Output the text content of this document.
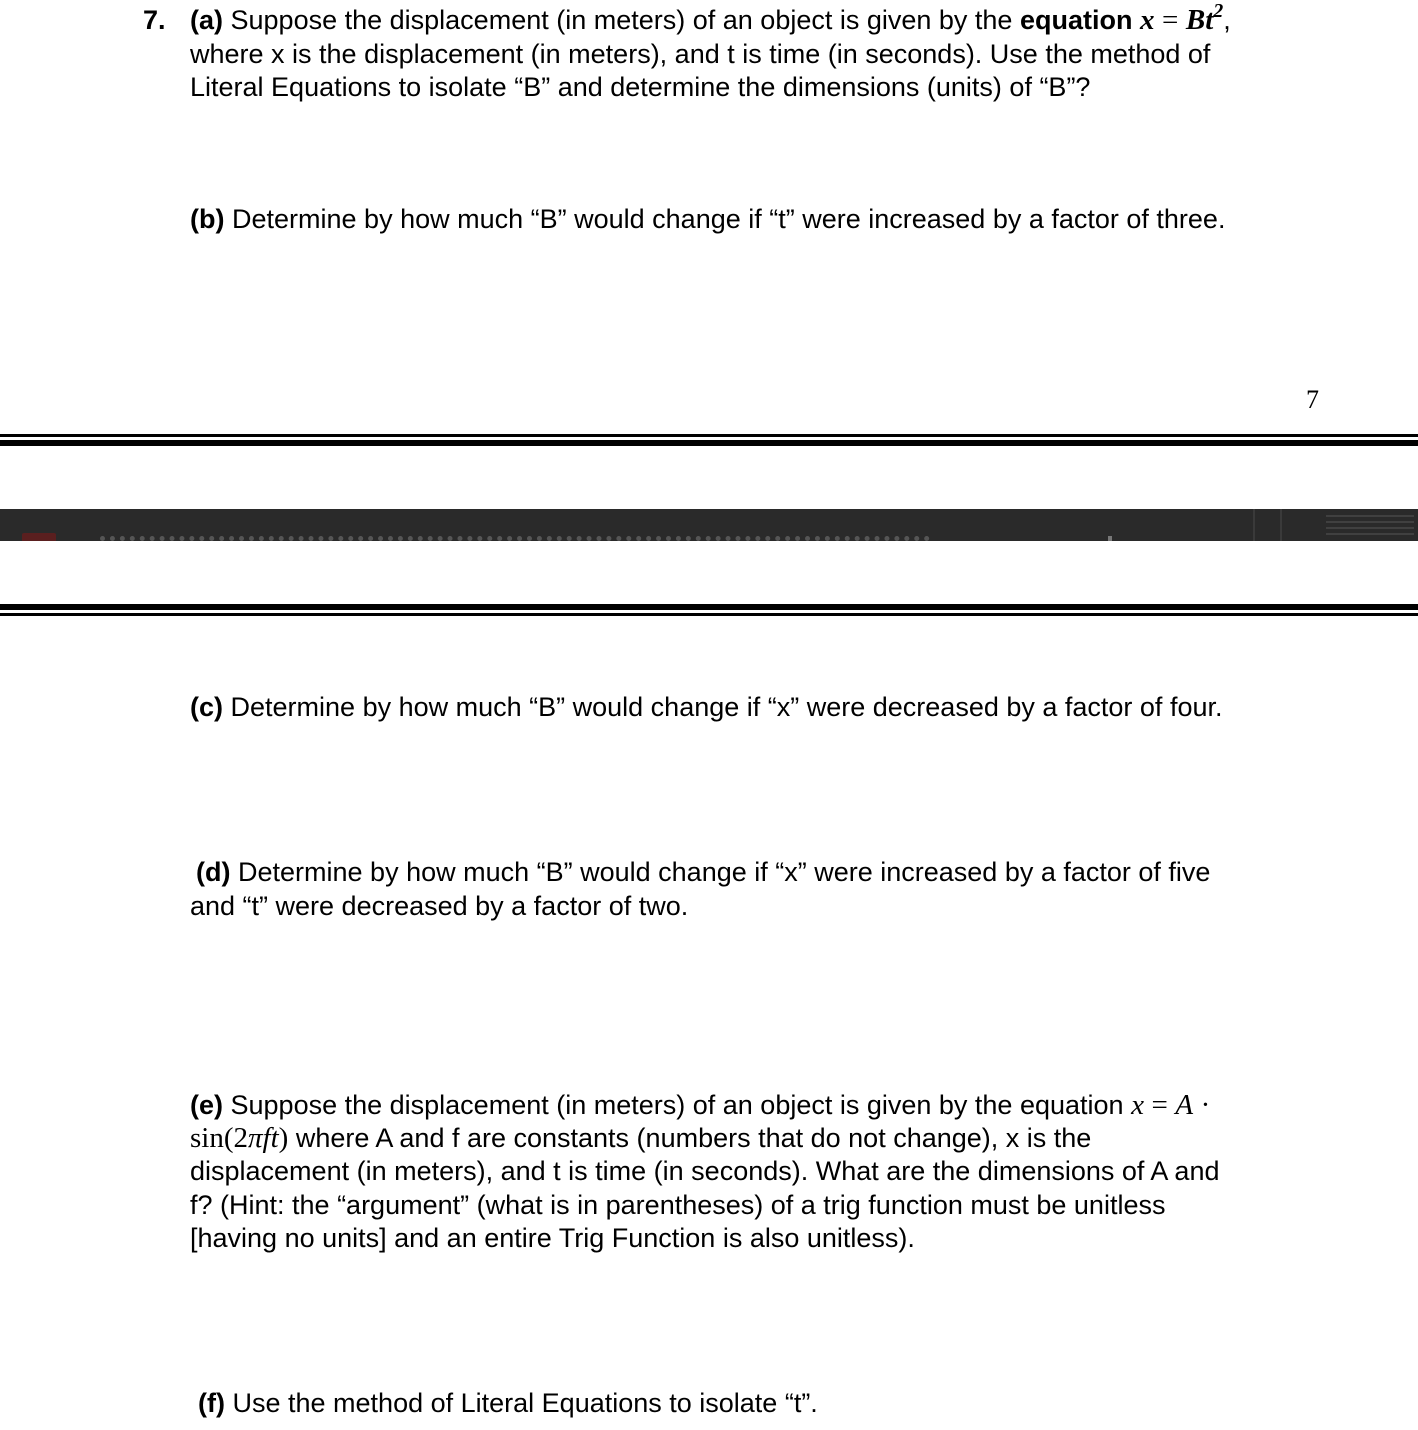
7. (a) Suppose the displacement (in meters) of an object is given by the equation $x = Bt^2$,
where x is the displacement (in meters), and t is time (in seconds). Use the method of
Literal Equations to isolate “B” and determine the dimensions (units) of “B”?
(b) Determine by how much “B” would change if “t” were increased by a factor of three.
7
(c) Determine by how much “B” would change if “x” were decreased by a factor of four.
(d) Determine by how much “B” would change if “x” were increased by a factor of five
and “t” were decreased by a factor of two.
(e) Suppose the displacement (in meters) of an object is given by the equation x = A ·
sin(2πft) where A and f are constants (numbers that do not change), x is the
displacement (in meters), and t is time (in seconds). What are the dimensions of A and
f? (Hint: the “argument” (what is in parentheses) of a trig function must be unitless
[having no units] and an entire Trig Function is also unitless).
(f) Use the method of Literal Equations to isolate “t”.
